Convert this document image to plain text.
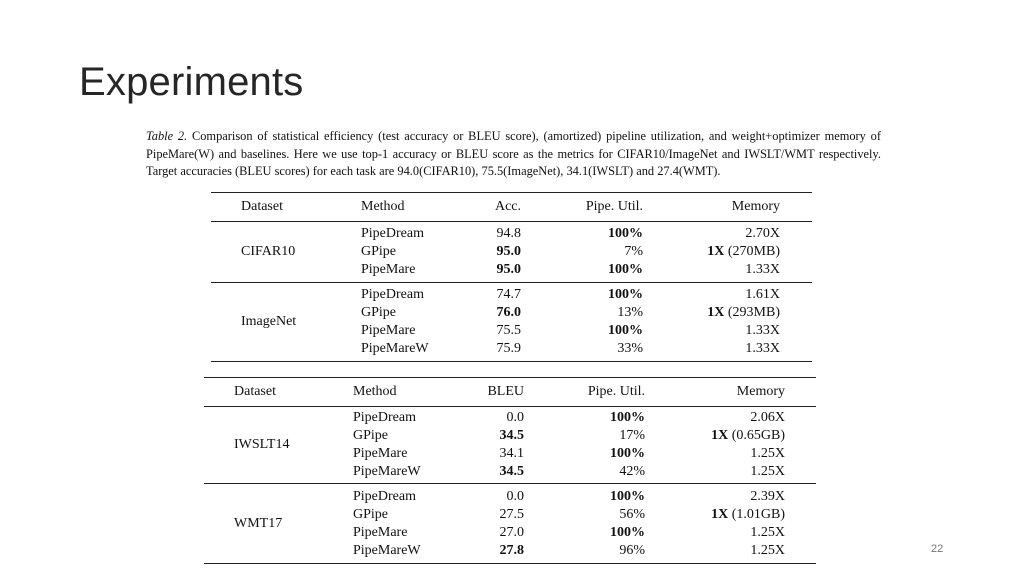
Experiments
Table 2. Comparison of statistical efficiency (test accuracy or BLEU score), (amortized) pipeline utilization, and weight+optimizer memory of PipeMare(W) and baselines. Here we use top-1 accuracy or BLEU score as the metrics for CIFAR10/ImageNet and IWSLT/WMT respectively. Target accuracies (BLEU scores) for each task are 94.0(CIFAR10), 75.5(ImageNet), 34.1(IWSLT) and 27.4(WMT).
Dataset	Method	Acc.	Pipe. Util.	Memory
CIFAR10
PipeDream	94.8	100%	2.70X
GPipe	95.0	7%	1X (270MB)
PipeMare	95.0	100%	1.33X
ImageNet
PipeDream	74.7	100%	1.61X
GPipe	76.0	13%	1X (293MB)
PipeMare	75.5	100%	1.33X
PipeMareW	75.9	33%	1.33X
Dataset	Method	BLEU	Pipe. Util.	Memory
IWSLT14
PipeDream	0.0	100%	2.06X
GPipe	34.5	17%	1X (0.65GB)
PipeMare	34.1	100%	1.25X
PipeMareW	34.5	42%	1.25X
WMT17
PipeDream	0.0	100%	2.39X
GPipe	27.5	56%	1X (1.01GB)
PipeMare	27.0	100%	1.25X
PipeMareW	27.8	96%	1.25X	22
